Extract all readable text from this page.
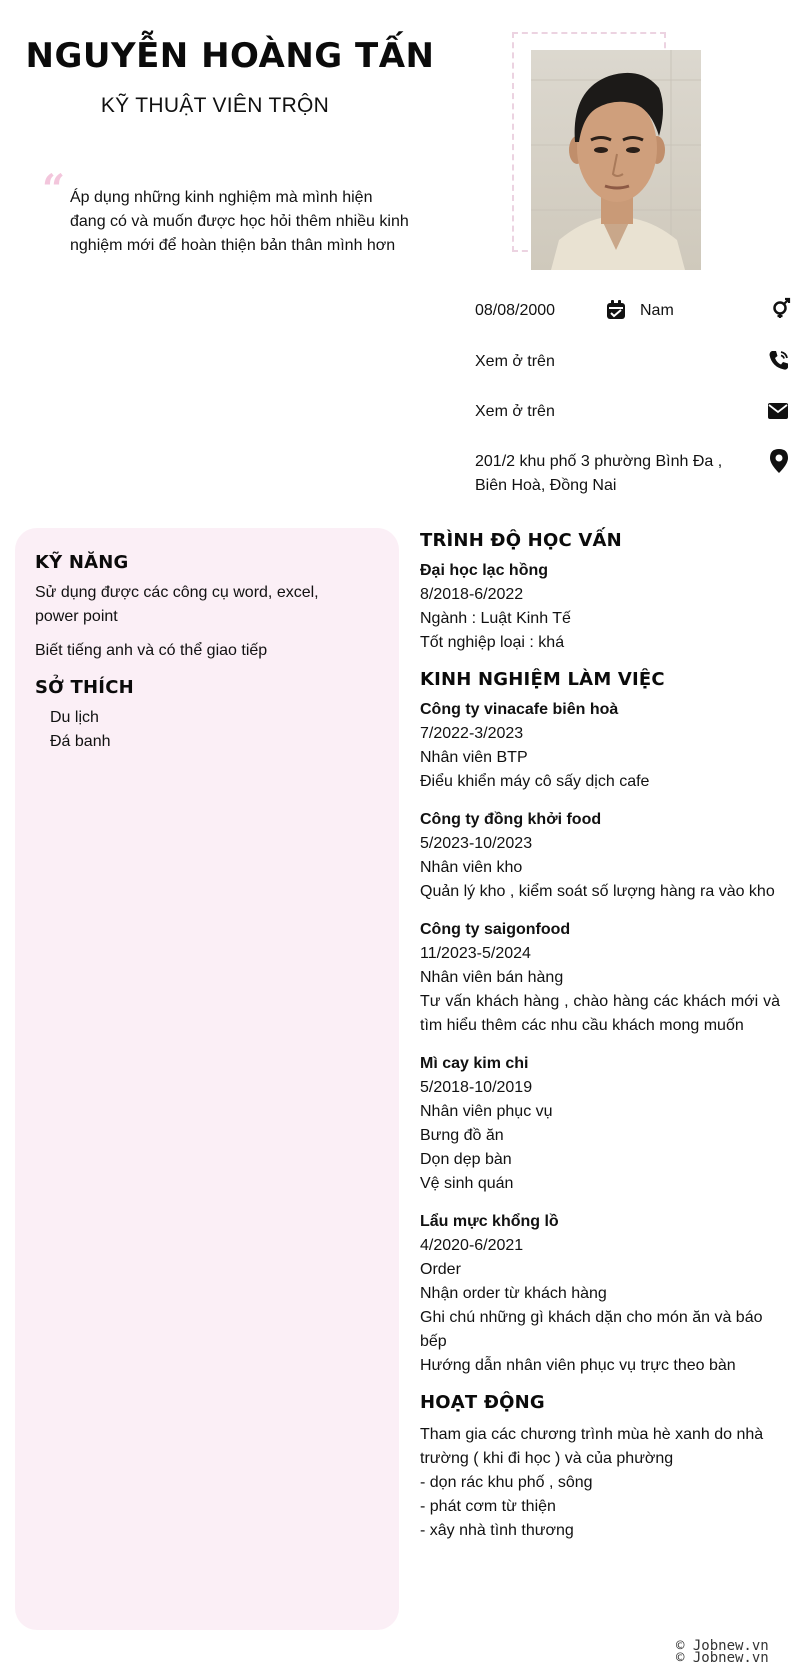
NGUYỄN HOÀNG TẤN
KỸ THUẬT VIÊN TRỘN
“ Áp dụng những kinh nghiệm mà mình hiện đang có và muốn được học hỏi thêm nhiều kinh nghiệm mới để hoàn thiện bản thân mình hơn
08/08/2000	Nam
Xem ở trên
Xem ở trên
201/2 khu phố 3 phường Bình Đa , Biên Hoà, Đồng Nai
KỸ NĂNG
Sử dụng được các công cụ word, excel, power point
Biết tiếng anh và có thể giao tiếp
SỞ THÍCH
Du lịch
Đá banh
TRÌNH ĐỘ HỌC VẤN
Đại học lạc hồng
8/2018-6/2022
Ngành : Luật Kinh Tế
Tốt nghiệp loại : khá
KINH NGHIỆM LÀM VIỆC
Công ty vinacafe biên hoà
7/2022-3/2023
Nhân viên BTP
Điểu khiển máy cô sấy dịch cafe
Công ty đồng khởi food
5/2023-10/2023
Nhân viên kho
Quản lý kho , kiểm soát số lượng hàng ra vào kho
Công ty saigonfood
11/2023-5/2024
Nhân viên bán hàng
Tư vấn khách hàng , chào hàng các khách mới và tìm hiểu thêm các nhu cầu khách mong muốn
Mì cay kim chi
5/2018-10/2019
Nhân viên phục vụ
Bưng đồ ăn
Dọn dẹp bàn
Vệ sinh quán
Lẩu mực khổng lồ
4/2020-6/2021
Order
Nhận order từ khách hàng
Ghi chú những gì khách dặn cho món ăn và báo bếp
Hướng dẫn nhân viên phục vụ trực theo bàn
HOẠT ĐỘNG
Tham gia các chương trình mùa hè xanh do nhà trường ( khi đi học ) và của phường
- dọn rác khu phố , sông
- phát cơm từ thiện
- xây nhà tình thương
© Jobnew.vn
© Jobnew.vn
